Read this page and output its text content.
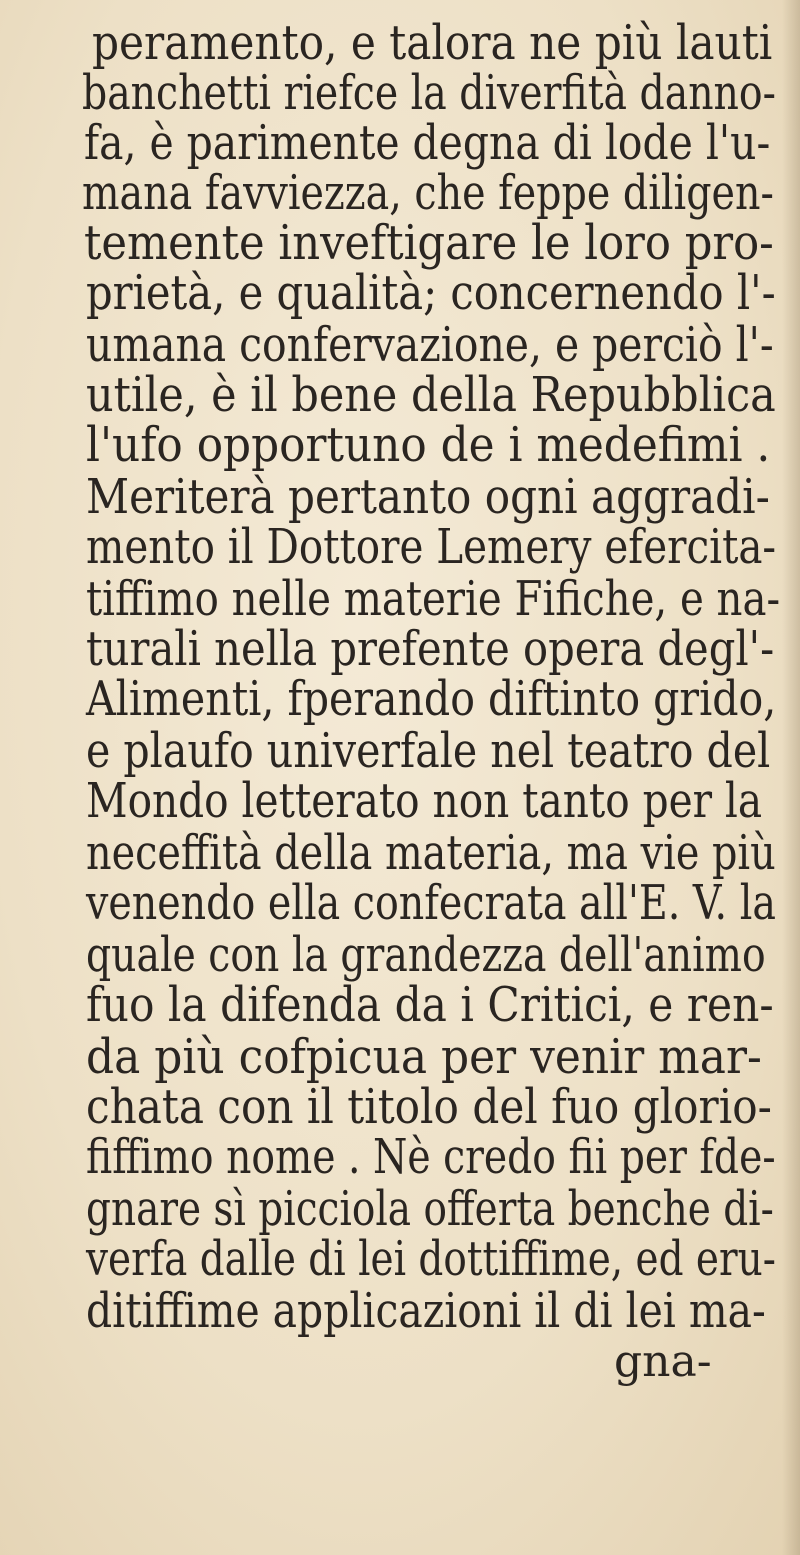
peramento, e talora ne più lauti
banchetti riefce la diverfità danno-
fa, è parimente degna di lode l'u-
mana favviezza, che feppe diligen-
temente inveftigare le loro pro-
prietà, e qualità; concernendo l'-
umana confervazione, e perciò l'-
utile, è il bene della Repubblica
l'ufo opportuno de i medefimi .
Meriterà pertanto ogni aggradi-
mento il Dottore Lemery efercita-
tiffimo nelle materie Fifiche, e na-
turali nella prefente opera degl'-
Alimenti, fperando diftinto grido,
e plaufo univerfale nel teatro del
Mondo letterato non tanto per la
neceffità della materia, ma vie più
venendo ella confecrata all'E. V. la
quale con la grandezza dell'animo
fuo la difenda da i Critici, e ren-
da più cofpicua per venir mar-
chata con il titolo del fuo glorio-
fiffimo nome . Nè credo fii per fde-
gnare sì picciola offerta benche di-
verfa dalle di lei dottiffime, ed eru-
ditiffime applicazioni il di lei ma-
gna-
